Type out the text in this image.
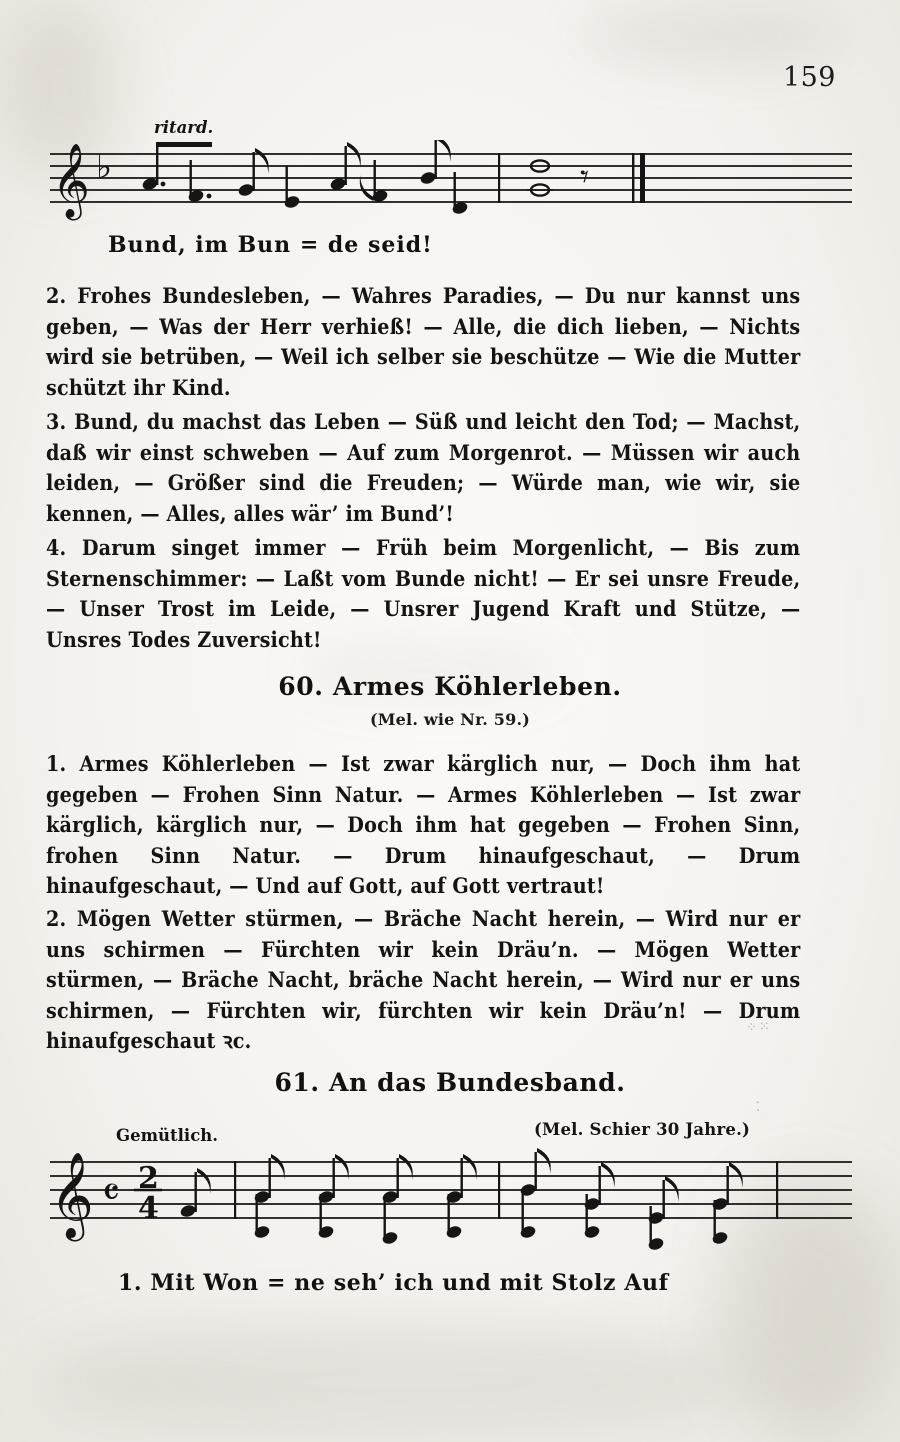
159
ritard.
𝄞 ♭	𝄾
Bund, im Bun = de seid!
2. Frohes Bundesleben, — Wahres Paradies, — Du nur kannst uns geben, — Was der Herr verhieß! — Alle, die dich lieben, — Nichts wird sie betrüben, — Weil ich selber sie beschütze — Wie die Mutter schützt ihr Kind.
3. Bund, du machst das Leben — Süß und leicht den Tod; — Machst, daß wir einst schweben — Auf zum Morgenrot. — Müssen wir auch leiden, — Größer sind die Freuden; — Würde man, wie wir, sie kennen, — Alles, alles wär’ im Bund’!
4. Darum singet immer — Früh beim Morgenlicht, — Bis zum Sternenschimmer: — Laßt vom Bunde nicht! — Er sei unsre Freude, — Unser Trost im Leide, — Unsrer Jugend Kraft und Stütze, — Unsres Todes Zuversicht!
60. Armes Köhlerleben.
(Mel. wie Nr. 59.)
1. Armes Köhlerleben — Ist zwar kärglich nur, — Doch ihm hat gegeben — Frohen Sinn Natur. — Armes Köhlerleben — Ist zwar kärglich, kärglich nur, — Doch ihm hat gegeben — Frohen Sinn, frohen Sinn Natur. — Drum hinaufgeschaut, — Drum hinaufgeschaut, — Und auf Gott, auf Gott vertraut!
2. Mögen Wetter stürmen, — Bräche Nacht herein, — Wird nur er uns schirmen — Fürchten wir kein Dräu’n. — Mögen Wetter stürmen, — Bräche Nacht, bräche Nacht herein, — Wird nur er uns schirmen, — Fürchten wir, fürchten wir kein Dräu’n! — Drum hinaufgeschaut ꝛc.
⁘⁙
⁚
61. An das Bundesband.
Gemütlich.	(Mel. Schier 30 Jahre.)
𝄞 𝄴 2
4
1. Mit Won = ne seh’ ich und mit Stolz Auf
